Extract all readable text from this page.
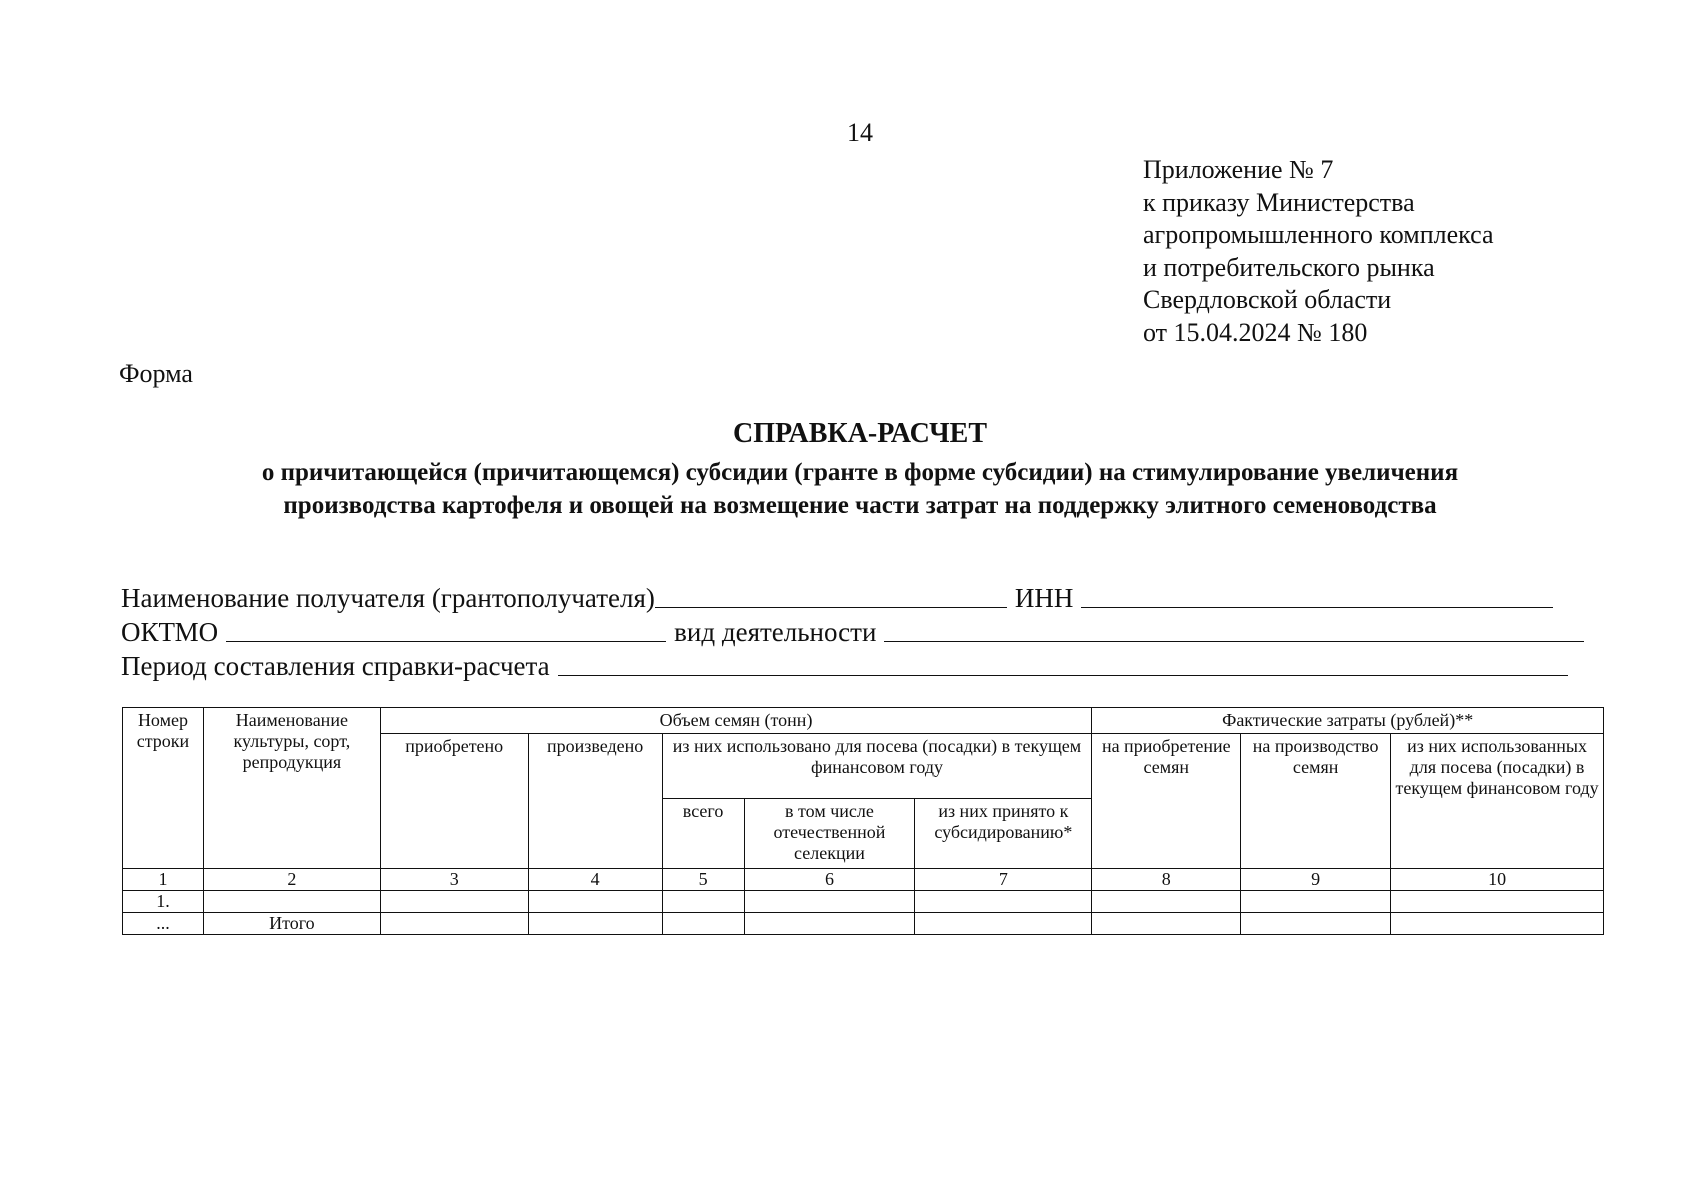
14
Приложение № 7
к приказу Министерства
агропромышленного комплекса
и потребительского рынка
Свердловской области
от 15.04.2024 № 180
Форма
СПРАВКА-РАСЧЕТ
о причитающейся (причитающемся) субсидии (гранте в форме субсидии) на стимулирование увеличения
производства картофеля и овощей на возмещение части затрат на поддержку элитного семеноводства
Наименование получателя (грантополучателя)	ИНН
ОКТМО	вид деятельности
Период составления справки-расчета
Номер строки	Наименование культуры, сорт, репродукция	Объем семян (тонн)					Фактические затраты (рублей)**		
		приобретено	произведено	из них использовано для посева (посадки) в текущем финансовом году			на приобретение семян	на производство семян	из них использованных для посева (посадки) в текущем финансовом году
				всего	в том числе отечественной селекции	из них принято к субсидированию*			
1	2	3	4	5	6	7	8	9	10
1.									
...	Итого								
